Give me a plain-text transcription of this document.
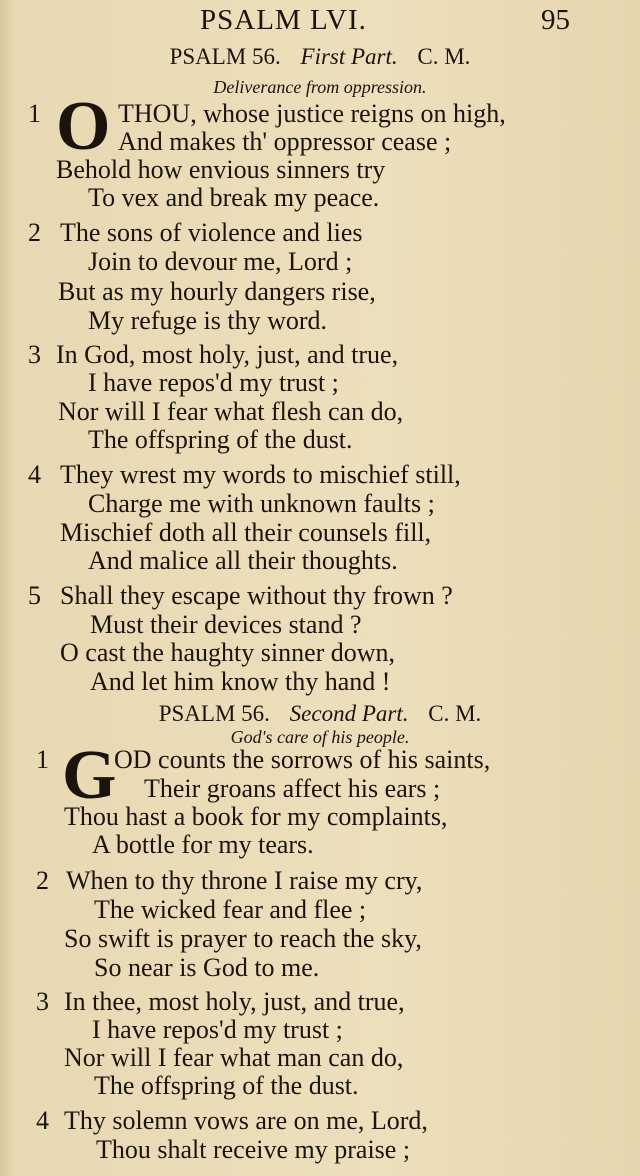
PSALM LVI.	95
PSALM 56. First Part. C. M.
Deliverance from oppression.
O
1	THOU, whose justice reigns on high,
And makes th' oppressor cease ;
Behold how envious sinners try
To vex and break my peace.
2 The sons of violence and lies
Join to devour me, Lord ;
But as my hourly dangers rise,
My refuge is thy word.
3 In God, most holy, just, and true,
I have repos'd my trust ;
Nor will I fear what flesh can do,
The offspring of the dust.
4 They wrest my words to mischief still,
Charge me with unknown faults ;
Mischief doth all their counsels fill,
And malice all their thoughts.
5 Shall they escape without thy frown ?
Must their devices stand ?
O cast the haughty sinner down,
And let him know thy hand !
PSALM 56. Second Part. C. M.
God's care of his people.
G
1	OD counts the sorrows of his saints,
Their groans affect his ears ;
Thou hast a book for my complaints,
A bottle for my tears.
2 When to thy throne I raise my cry,
The wicked fear and flee ;
So swift is prayer to reach the sky,
So near is God to me.
3 In thee, most holy, just, and true,
I have repos'd my trust ;
Nor will I fear what man can do,
The offspring of the dust.
4 Thy solemn vows are on me, Lord,
Thou shalt receive my praise ;
